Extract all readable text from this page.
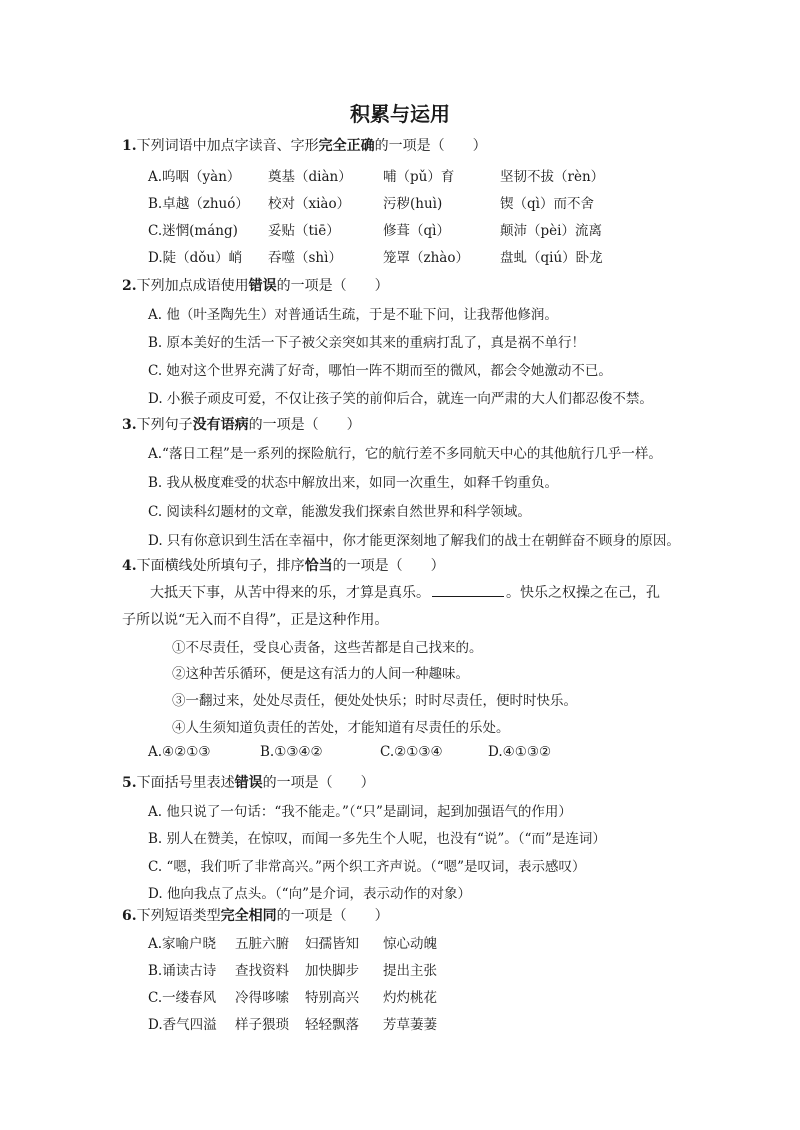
积累与运用
1.下列词语中加点字读音、字形完全正确的一项是（　　）
A.呜咽（yàn） 奠基（diàn） 哺（pǔ）育	坚韧不拔（rèn）
B.卓越（zhuó） 校对（xiào） 污秽(huì)	锲（qì）而不舍
C.迷惘(máng) 妥贴（tiē）	修葺（qì）	颠沛（pèi）流离
D.陡（dǒu）峭 吞噬（shì）	笼罩（zhào） 盘虬（qiú）卧龙
2.下列加点成语使用错误的一项是（　　）
A. 他（叶圣陶先生）对普通话生疏，于是不耻下问，让我帮他修润。
B. 原本美好的生活一下子被父亲突如其来的重病打乱了，真是祸不单行！
C. 她对这个世界充满了好奇，哪怕一阵不期而至的微风，都会令她激动不已。
D. 小猴子顽皮可爱，不仅让孩子笑的前仰后合，就连一向严肃的大人们都忍俊不禁。
3.下列句子没有语病的一项是（　　）
A.“落日工程”是一系列的探险航行，它的航行差不多同航天中心的其他航行几乎一样。
B. 我从极度难受的状态中解放出来，如同一次重生，如释千钧重负。
C. 阅读科幻题材的文章，能激发我们探索自然世界和科学领域。
D. 只有你意识到生活在幸福中，你才能更深刻地了解我们的战士在朝鲜奋不顾身的原因。
4.下面横线处所填句子，排序恰当的一项是（　　）
大抵天下事，从苦中得来的乐，才算是真乐。	。快乐之权操之在己，孔
子所以说“无入而不自得”，正是这种作用。
①不尽责任，受良心责备，这些苦都是自己找来的。
②这种苦乐循环，便是这有活力的人间一种趣味。
③一翻过来，处处尽责任，便处处快乐；时时尽责任，便时时快乐。
④人生须知道负责任的苦处，才能知道有尽责任的乐处。
A.④②①③	B.①③④②	C.②①③④	D.④①③②
5.下面括号里表述错误的一项是（　　）
A. 他只说了一句话：“我不能走。”（“只”是副词，起到加强语气的作用）
B. 别人在赞美，在惊叹，而闻一多先生个人呢，也没有“说”。（“而”是连词）
C. “嗯，我们听了非常高兴。”两个织工齐声说。（“嗯”是叹词，表示感叹）
D. 他向我点了点头。（“向”是介词，表示动作的对象）
6.下列短语类型完全相同的一项是（　　）
A.家喻户晓 五脏六腑 妇孺皆知 惊心动魄
B.诵读古诗 查找资料 加快脚步 提出主张
C.一缕春风 冷得哆嗦 特别高兴 灼灼桃花
D.香气四溢 样子猥琐 轻轻飘落 芳草萋萋
